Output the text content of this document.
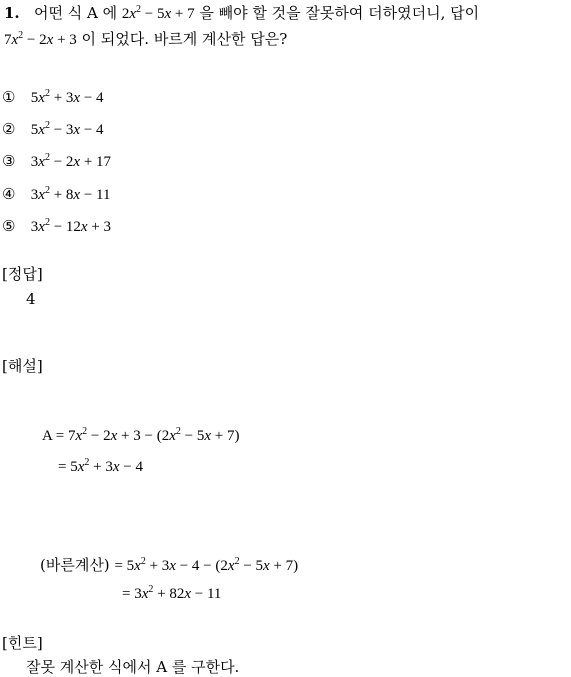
1.   어떤 식 A 에 $2x^2 - 5x + 7$ 을 빼야 할 것을 잘못하여 더하였더니, 답이
$7x^2 - 2x + 3$ 이 되었다. 바르게 계산한 답은?
① $5x^2 + 3x - 4$
② $5x^2 - 3x - 4$
③ $3x^2 - 2x + 17$
④ $3x^2 + 8x - 11$
⑤ $3x^2 - 12x + 3$
[정답]
4
[해설]
$A = 7x^2 - 2x + 3 - (2x^2 - 5x + 7)$
= $5x^2 + 3x - 4$
(바른계산) = $5x^2 + 3x - 4 - (2x^2 - 5x + 7)$
= $3x^2 + 82x - 11$
[힌트]
잘못 계산한 식에서 A 를 구한다.
